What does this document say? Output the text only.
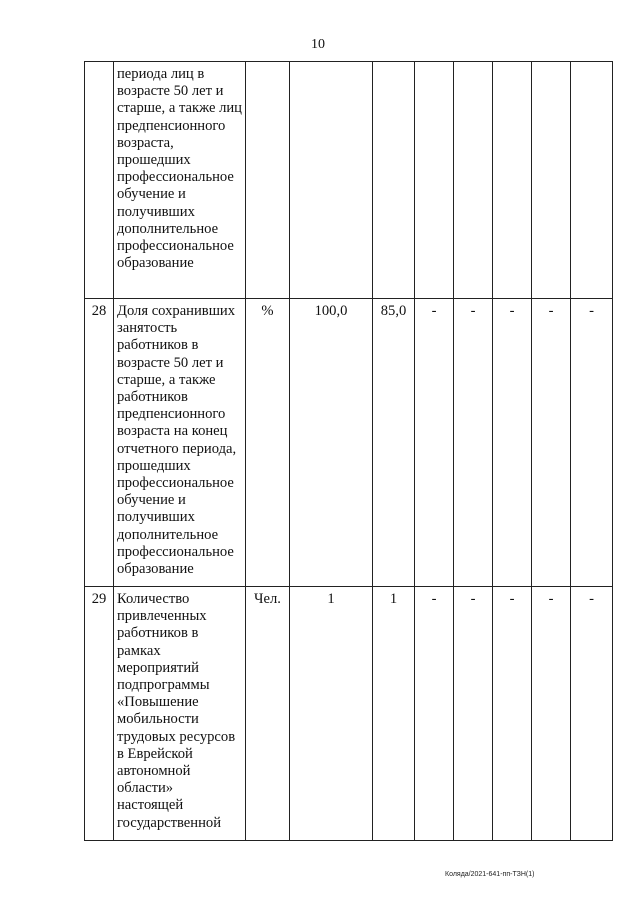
10
	периода лиц в возрасте 50 лет и старше, а также лиц предпенсионного возраста, прошедших профессиональное обучение и получивших дополнительное профессиональное образование								
28	Доля сохранивших занятость работников в возрасте 50 лет и старше, а также работников предпенсионного возраста на конец отчетного периода, прошедших профессиональное обучение и получивших дополнительное профессиональное образование	%	100,0	85,0	-	-	-	-	-
29	Количество привлеченных работников в рамках мероприятий подпрограммы «Повышение мобильности трудовых ресурсов в Еврейской автономной области» настоящей государственной	Чел.	1	1	-	-	-	-	-
Коляда/2021-641-пп-ТЗН(1)
